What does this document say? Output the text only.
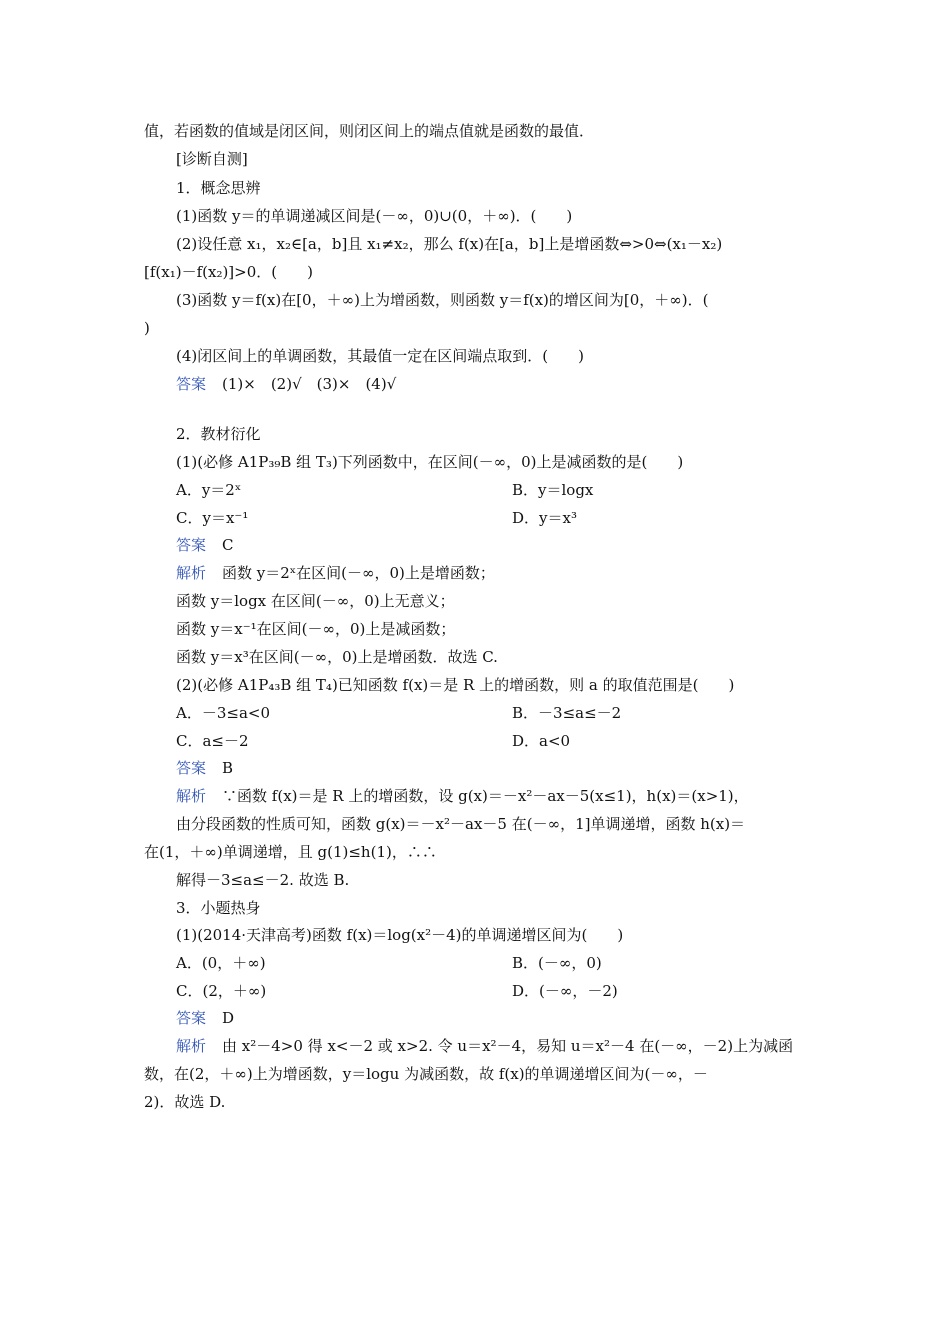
值，若函数的值域是闭区间，则闭区间上的端点值就是函数的最值．
[诊断自测]
1．概念思辨
(1)函数 y＝的单调递减区间是(－∞，0)∪(0，＋∞)．(　　)
(2)设任意 x₁，x₂∈[a，b]且 x₁≠x₂，那么 f(x)在[a，b]上是增函数⇔>0⇔(x₁－x₂)
[f(x₁)－f(x₂)]>0．(　　)
(3)函数 y＝f(x)在[0，＋∞)上为增函数，则函数 y＝f(x)的增区间为[0，＋∞)．(
)
(4)闭区间上的单调函数，其最值一定在区间端点取到．(　　)
答案 (1)×　(2)√　(3)×　(4)√
2．教材衍化
(1)(必修 A1P₃₉B 组 T₃)下列函数中，在区间(－∞，0)上是减函数的是(　　)
A．y＝2ˣ	B．y＝logx
C．y＝x⁻¹	D．y＝x³
答案 C
解析 函数 y＝2ˣ在区间(－∞，0)上是增函数；
函数 y＝logx 在区间(－∞，0)上无意义；
函数 y＝x⁻¹在区间(－∞，0)上是减函数；
函数 y＝x³在区间(－∞，0)上是增函数．故选 C.
(2)(必修 A1P₄₃B 组 T₄)已知函数 f(x)＝是 R 上的增函数，则 a 的取值范围是(　　)
A．－3≤a<0	B．－3≤a≤－2
C．a≤－2	D．a<0
答案 B
解析 ∵函数 f(x)＝是 R 上的增函数，设 g(x)＝－x²－ax－5(x≤1)，h(x)＝(x>1)，
由分段函数的性质可知，函数 g(x)＝－x²－ax－5 在(－∞，1]单调递增，函数 h(x)＝
在(1，＋∞)单调递增，且 g(1)≤h(1)，∴∴
解得－3≤a≤－2. 故选 B.
3．小题热身
(1)(2014·天津高考)函数 f(x)＝log(x²－4)的单调递增区间为(　　)
A．(0，＋∞)	B．(－∞，0)
C．(2，＋∞)	D．(－∞，－2)
答案 D
解析 由 x²－4>0 得 x<－2 或 x>2. 令 u＝x²－4，易知 u＝x²－4 在(－∞，－2)上为减函
数，在(2，＋∞)上为增函数，y＝logu 为减函数，故 f(x)的单调递增区间为(－∞，－
2)．故选 D.
